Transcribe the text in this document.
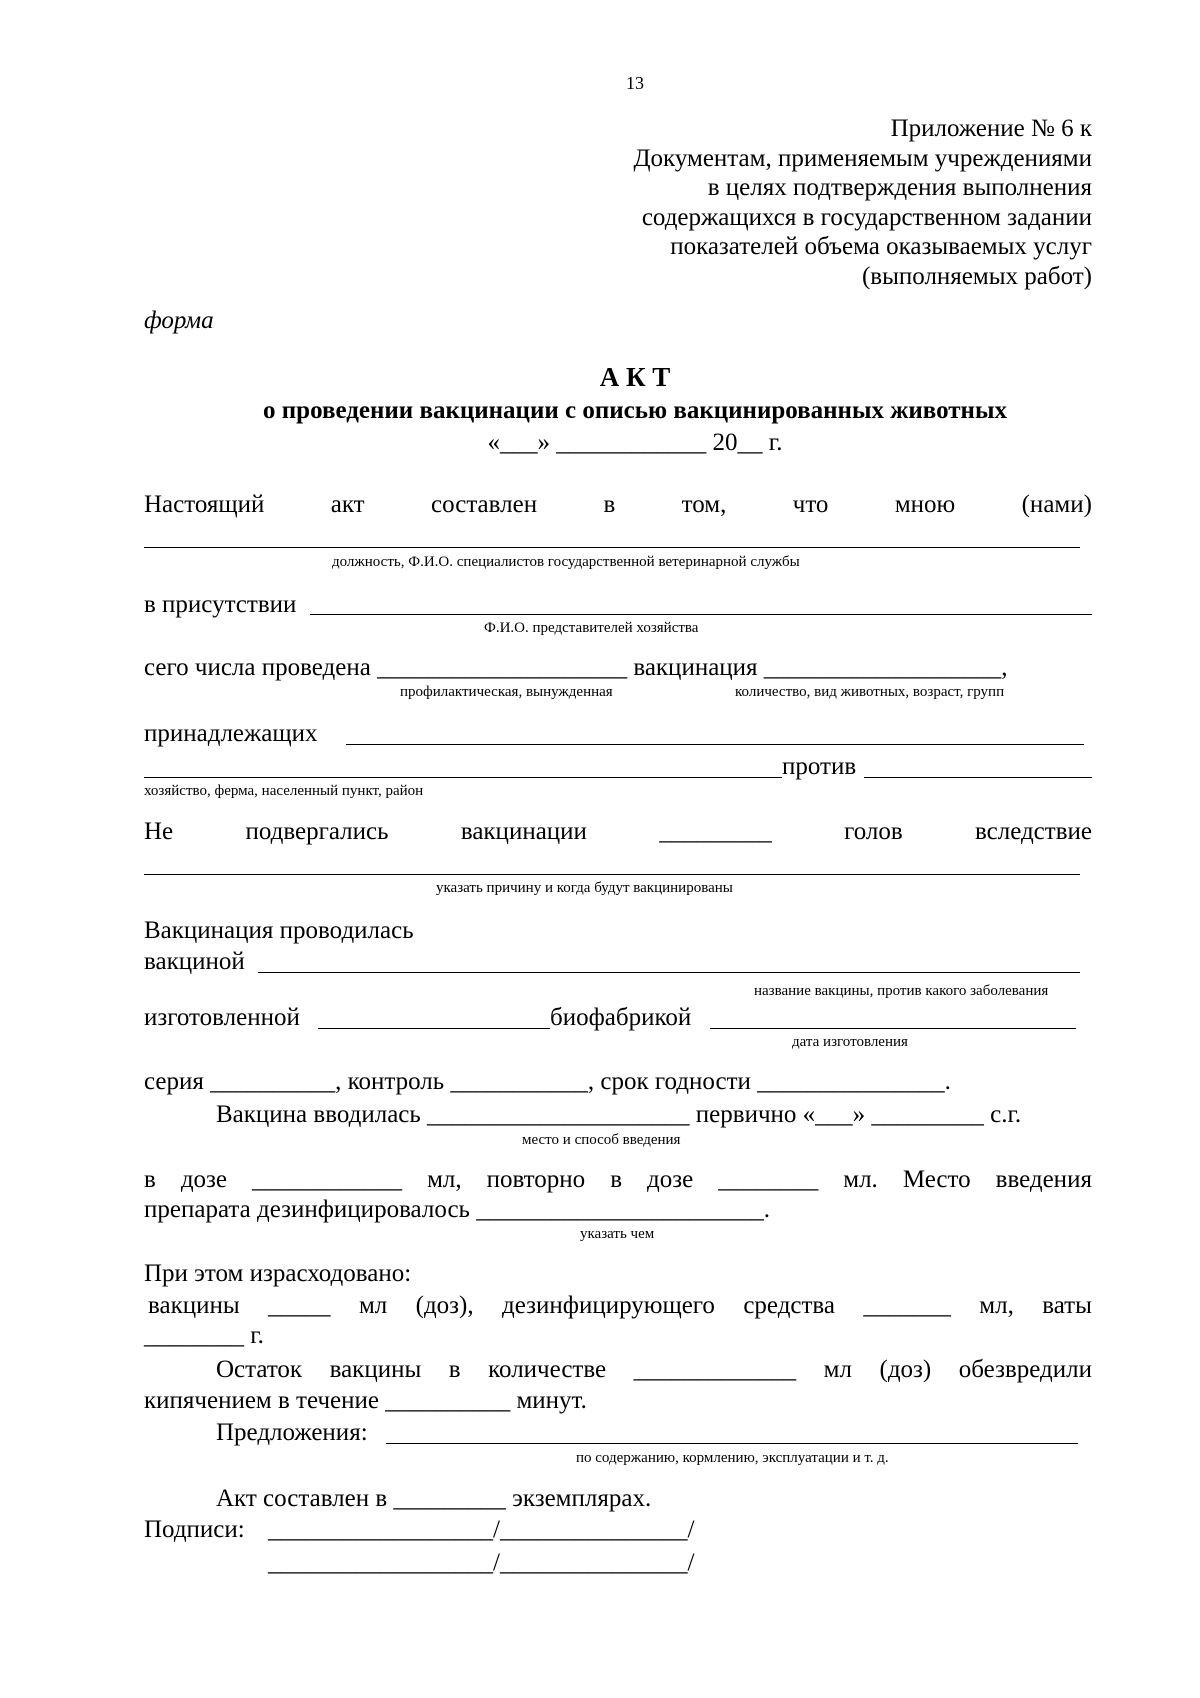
13
Приложение № 6 к
Документам, применяемым учреждениями
в целях подтверждения выполнения
содержащихся в государственном задании
показателей объема оказываемых услуг
(выполняемых работ)
форма
А К Т
о проведении вакцинации с описью вакцинированных животных
«___» ____________ 20__ г.
Настоящий	акт	составлен	в	том,	что	мною	(нами)
должность, Ф.И.О. специалистов государственной ветеринарной службы
в присутствии
Ф.И.О. представителей хозяйства
сего числа проведена ____________________ вакцинация ___________________,
профилактическая, вынужденная	количество, вид животных, возраст, групп
принадлежащих
против
хозяйство, ферма, населенный пункт, район
Не	подвергались	вакцинации	_________	голов	вследствие
указать причину и когда будут вакцинированы
Вакцинация проводилась
вакциной
название вакцины, против какого заболевания
изготовленной	биофабрикой
дата изготовления
серия __________, контроль ___________, срок годности _______________.
Вакцина вводилась _____________________ первично «___» _________ с.г.
место и способ введения
в дозе ____________ мл, повторно в дозе ________ мл. Место введения
препарата дезинфицировалось _______________________.
указать чем
При этом израсходовано:
вакцины _____ мл (доз), дезинфицирующего средства _______ мл, ваты
________ г.
Остаток вакцины в количестве _____________ мл (доз) обезвредили
кипячением в течение __________ минут.
Предложения:
по содержанию, кормлению, эксплуатации и т. д.
Акт составлен в _________ экземплярах.
Подписи: __________________/_______________/
__________________/_______________/
